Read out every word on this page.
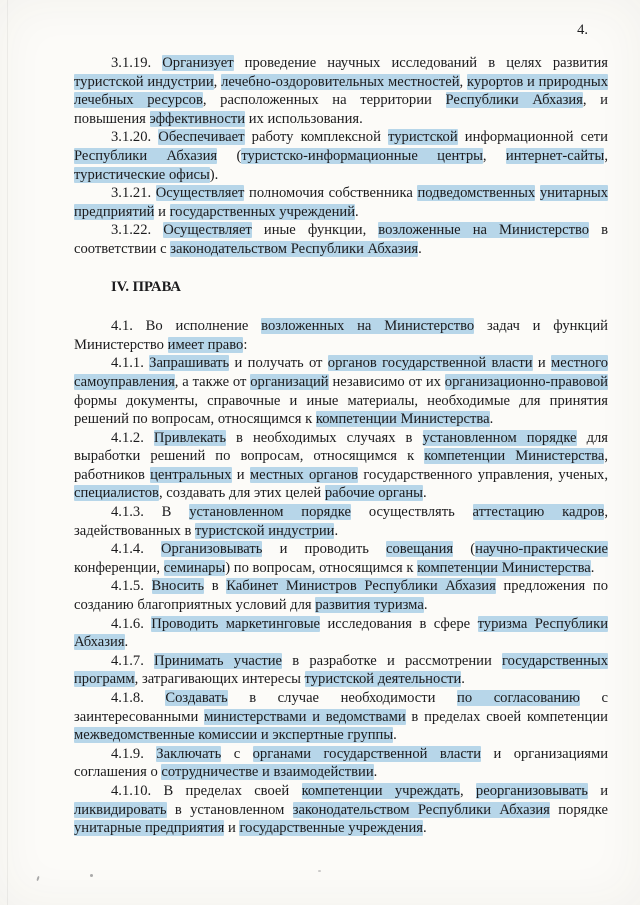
4.

3.1.19. Организует проведение научных исследований в целях развития туристской индустрии, лечебно-оздоровительных местностей, курортов и природных лечебных ресурсов, расположенных на территории Республики Абхазия, и повышения эффективности их использования.

3.1.20. Обеспечивает работу комплексной туристской информационной сети Республики Абхазия (туристско-информационные центры, интернет-сайты, туристические офисы).

3.1.21. Осуществляет полномочия собственника подведомственных унитарных предприятий и государственных учреждений.

3.1.22. Осуществляет иные функции, возложенные на Министерство в соответствии с законодательством Республики Абхазия.

IV. ПРАВА

4.1. Во исполнение возложенных на Министерство задач и функций Министерство имеет право:

4.1.1. Запрашивать и получать от органов государственной власти и местного самоуправления, а также от организаций независимо от их организационно-правовой формы документы, справочные и иные материалы, необходимые для принятия решений по вопросам, относящимся к компетенции Министерства.

4.1.2. Привлекать в необходимых случаях в установленном порядке для выработки решений по вопросам, относящимся к компетенции Министерства, работников центральных и местных органов государственного управления, ученых, специалистов, создавать для этих целей рабочие органы.

4.1.3. В установленном порядке осуществлять аттестацию кадров, задействованных в туристской индустрии.

4.1.4. Организовывать и проводить совещания (научно-практические конференции, семинары) по вопросам, относящимся к компетенции Министерства.

4.1.5. Вносить в Кабинет Министров Республики Абхазия предложения по созданию благоприятных условий для развития туризма.

4.1.6. Проводить маркетинговые исследования в сфере туризма Республики Абхазия.

4.1.7. Принимать участие в разработке и рассмотрении государственных программ, затрагивающих интересы туристской деятельности.

4.1.8. Создавать в случае необходимости по согласованию с заинтересованными министерствами и ведомствами в пределах своей компетенции межведомственные комиссии и экспертные группы.

4.1.9. Заключать с органами государственной власти и организациями соглашения о сотрудничестве и взаимодействии.

4.1.10. В пределах своей компетенции учреждать, реорганизовывать и ликвидировать в установленном законодательством Республики Абхазия порядке унитарные предприятия и государственные учреждения.
